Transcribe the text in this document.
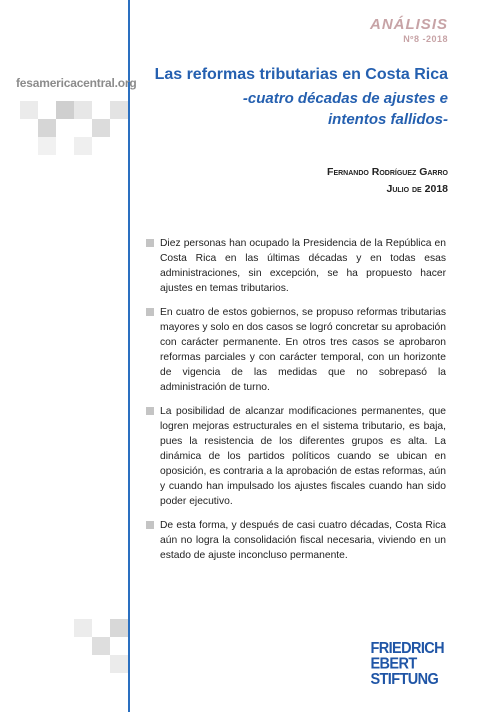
ANÁLISIS
Nº8 -2018
fesamericacentral.org	Las reformas tributarias en Costa Rica
-cuatro décadas de ajustes e
intentos fallidos-
Fernando Rodríguez Garro
Julio de 2018
Diez personas han ocupado la Presidencia de la República en Costa Rica en las últimas décadas y en todas esas administraciones, sin excepción, se ha propuesto hacer ajustes en temas tributarios.
En cuatro de estos gobiernos, se propuso reformas tributarias mayores y solo en dos casos se logró concretar su aprobación con carácter permanente. En otros tres casos se aprobaron reformas parciales y con carácter temporal, con un horizonte de vigencia de las medidas que no sobrepasó la administración de turno.
La posibilidad de alcanzar modificaciones permanentes, que logren mejoras estructurales en el sistema tributario, es baja, pues la resistencia de los diferentes grupos es alta. La dinámica de los partidos políticos cuando se ubican en oposición, es contraria a la aprobación de estas reformas, aún y cuando han impulsado los ajustes fiscales cuando han sido poder ejecutivo.
De esta forma, y después de casi cuatro décadas, Costa Rica aún no logra la consolidación fiscal necesaria, viviendo en un estado de ajuste inconcluso permanente.
FRIEDRICH
EBERT
STIFTUNG
